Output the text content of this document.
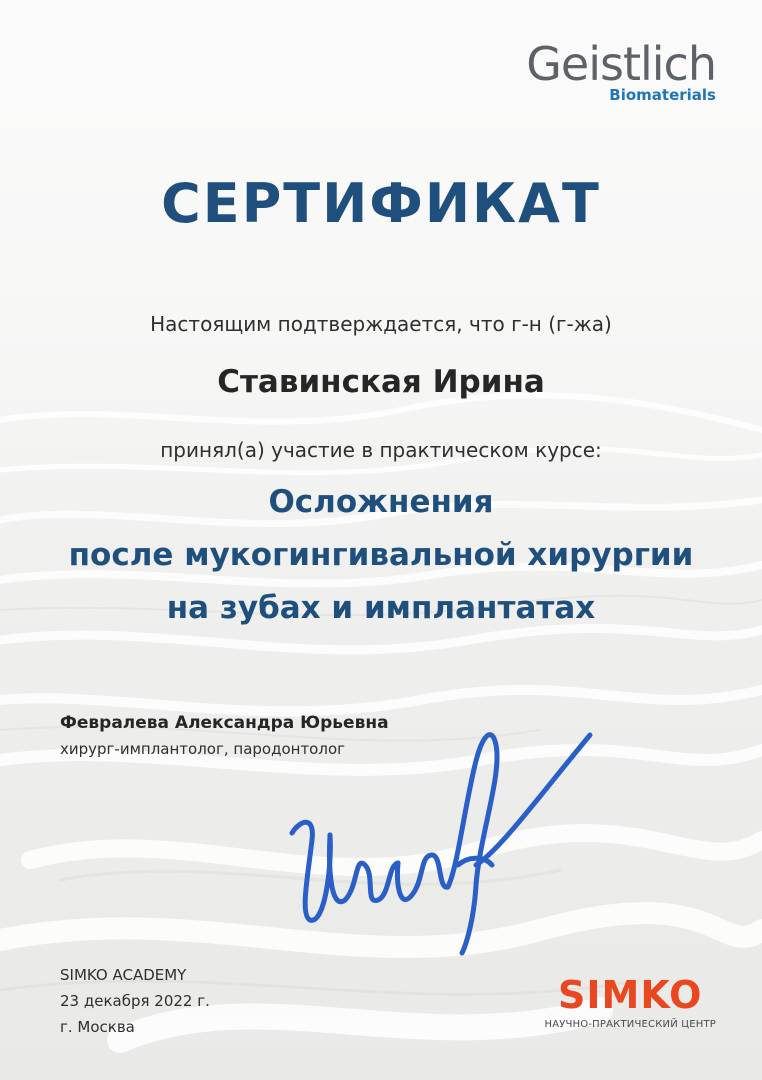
Geistlich
Biomaterials
СЕРТИФИКАТ
Настоящим подтверждается, что г-н (г-жа)
Ставинская Ирина
принял(а) участие в практическом курсе:
Осложнения
после мукогингивальной хирургии
на зубах и имплантатах
Февралева Александра Юрьевна
хирург-имплантолог, пародонтолог
SIMKO ACADEMY
23 декабря 2022 г.
г. Москва
SIMKO
НАУЧНО-ПРАКТИЧЕСКИЙ ЦЕНТР
